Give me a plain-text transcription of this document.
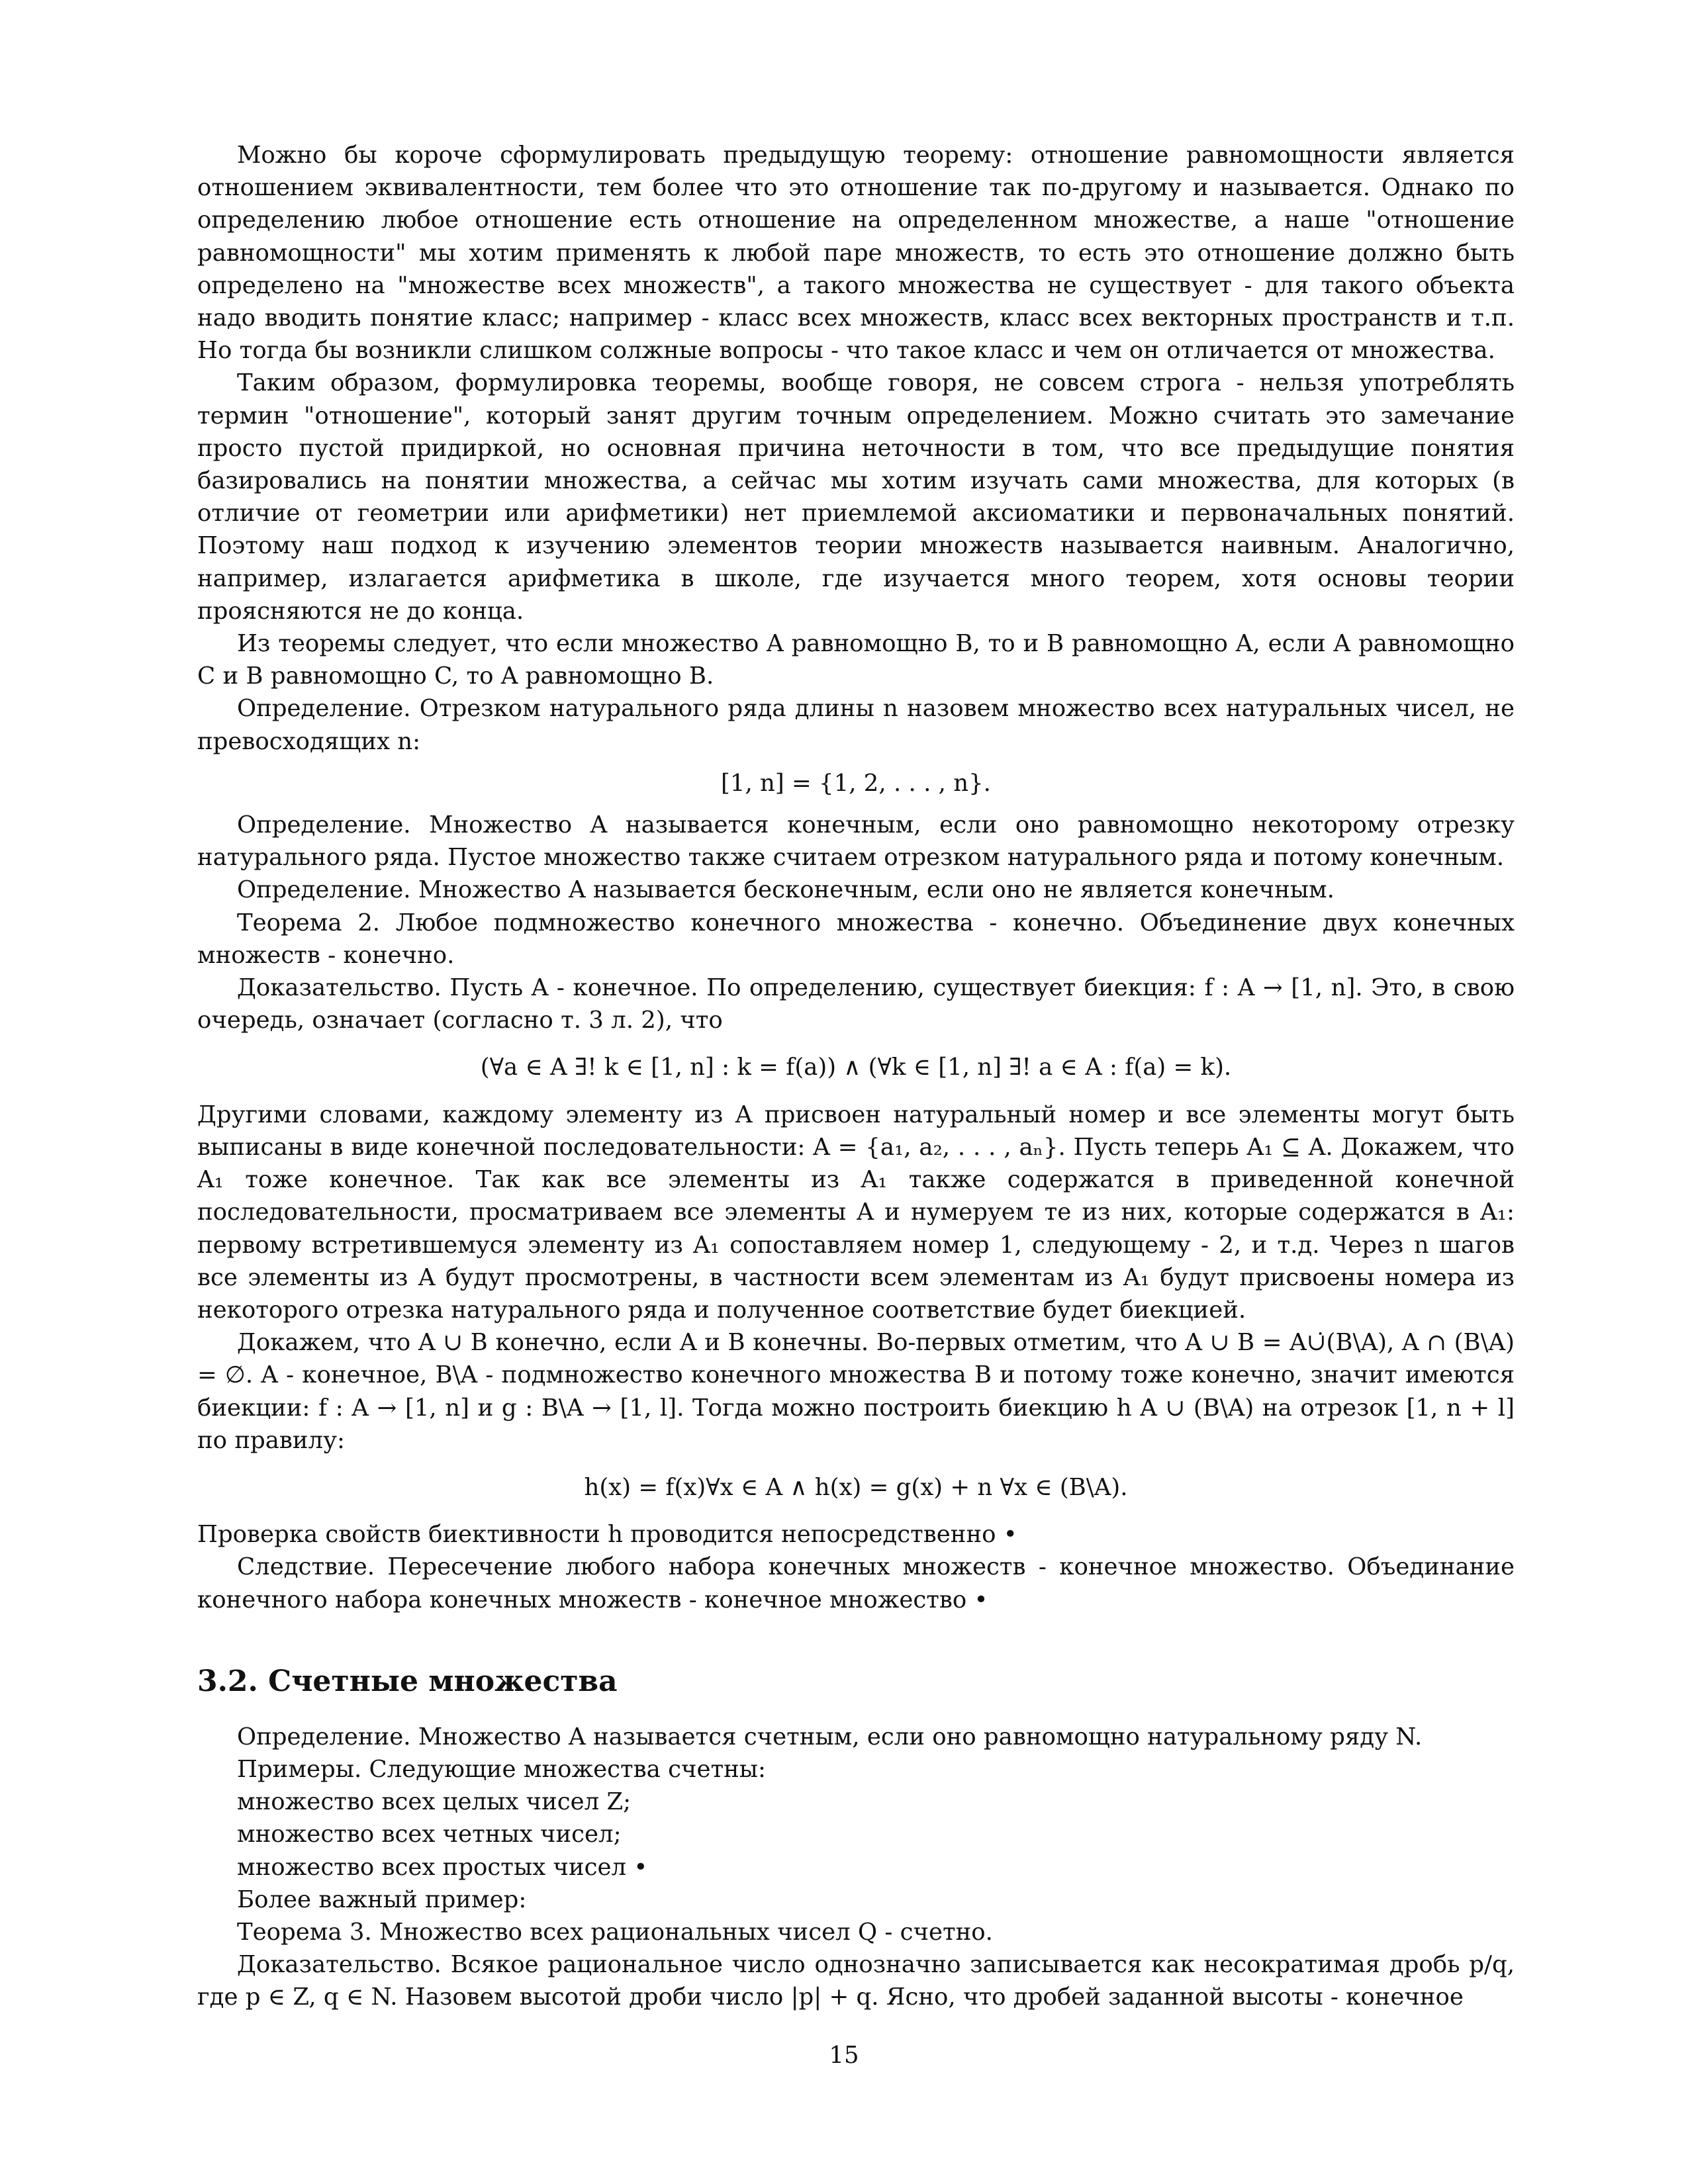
Можно бы короче сформулировать предыдущую теорему: отношение равномощности является отношением эквивалентности, тем более что это отношение так по-другому и называется. Однако по определению любое отношение есть отношение на определенном множестве, а наше "отношение равномощности" мы хотим применять к любой паре множеств, то есть это отношение должно быть определено на "множестве всех множеств", а такого множества не существует - для такого объекта надо вводить понятие класс; например - класс всех множеств, класс всех векторных пространств и т.п. Но тогда бы возникли слишком солжные вопросы - что такое класс и чем он отличается от множества.

Таким образом, формулировка теоремы, вообще говоря, не совсем строга - нельзя употреблять термин "отношение", который занят другим точным определением. Можно считать это замечание просто пустой придиркой, но основная причина неточности в том, что все предыдущие понятия базировались на понятии множества, а сейчас мы хотим изучать сами множества, для которых (в отличие от геометрии или арифметики) нет приемлемой аксиоматики и первоначальных понятий. Поэтому наш подход к изучению элементов теории множеств называется наивным. Аналогично, например, излагается арифметика в школе, где изучается много теорем, хотя основы теории проясняются не до конца.

Из теоремы следует, что если множество A равномощно B, то и B равномощно A, если A равномощно C и B равномощно C, то A равномощно B.

Определение. Отрезком натурального ряда длины n назовем множество всех натуральных чисел, не превосходящих n:

[1, n] = {1, 2, . . . , n}.

Определение. Множество A называется конечным, если оно равномощно некоторому отрезку натурального ряда. Пустое множество также считаем отрезком натурального ряда и потому конечным.

Определение. Множество A называется бесконечным, если оно не является конечным.

Теорема 2. Любое подмножество конечного множества - конечно. Объединение двух конечных множеств - конечно.

Доказательство. Пусть A - конечное. По определению, существует биекция: f : A → [1, n]. Это, в свою очередь, означает (согласно т. 3 л. 2), что

(∀a ∈ A ∃! k ∈ [1, n] : k = f(a)) ∧ (∀k ∈ [1, n] ∃! a ∈ A : f(a) = k).

Другими словами, каждому элементу из A присвоен натуральный номер и все элементы могут быть выписаны в виде конечной последовательности: A = {a₁, a₂, . . . , aₙ}. Пусть теперь A₁ ⊆ A. Докажем, что A₁ тоже конечное. Так как все элементы из A₁ также содержатся в приведенной конечной последовательности, просматриваем все элементы A и нумеруем те из них, которые содержатся в A₁: первому встретившемуся элементу из A₁ сопоставляем номер 1, следующему - 2, и т.д. Через n шагов все элементы из A будут просмотрены, в частности всем элементам из A₁ будут присвоены номера из некоторого отрезка натурального ряда и полученное соответствие будет биекцией.

Докажем, что A ∪ B конечно, если A и B конечны. Во-первых отметим, что A ∪ B = A∪̇(B\A), A ∩ (B\A) = ∅. A - конечное, B\A - подмножество конечного множества B и потому тоже конечно, значит имеются биекции: f : A → [1, n] и g : B\A → [1, l]. Тогда можно построить биекцию h A ∪ (B\A) на отрезок [1, n + l] по правилу:

h(x) = f(x)∀x ∈ A ∧ h(x) = g(x) + n ∀x ∈ (B\A).

Проверка свойств биективности h проводится непосредственно •

Следствие. Пересечение любого набора конечных множеств - конечное множество. Объединание конечного набора конечных множеств - конечное множество •

3.2. Счетные множества

Определение. Множество A называется счетным, если оно равномощно натуральному ряду N.

Примеры. Следующие множества счетны:

множество всех целых чисел Z;

множество всех четных чисел;

множество всех простых чисел •

Более важный пример:

Теорема 3. Множество всех рациональных чисел Q - счетно.

Доказательство. Всякое рациональное число однозначно записывается как несократимая дробь p/q, где p ∈ Z, q ∈ N. Назовем высотой дроби число |p| + q. Ясно, что дробей заданной высоты - конечное

15
